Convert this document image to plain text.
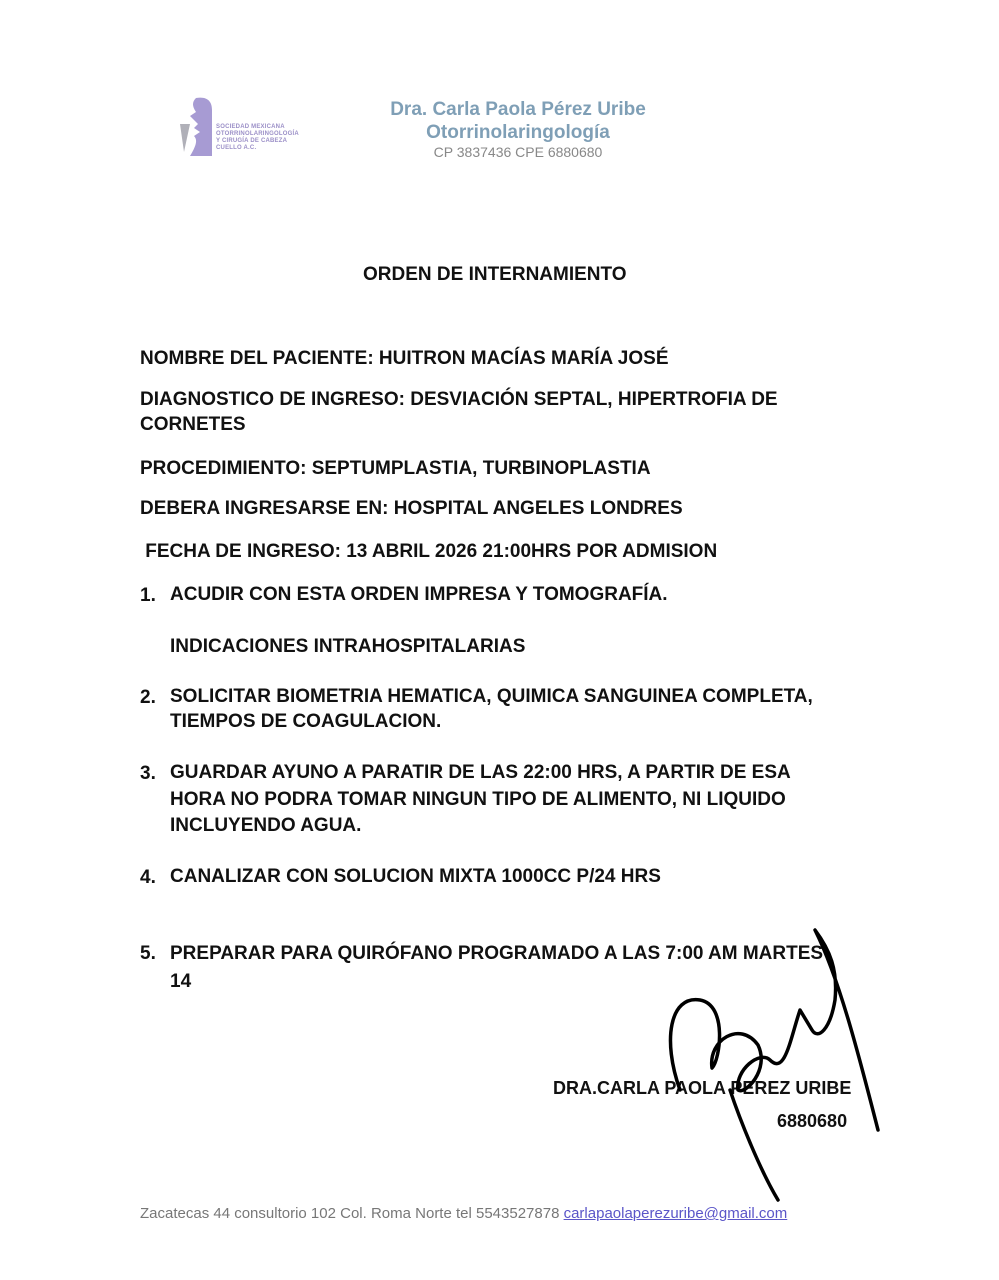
SOCIEDAD MEXICANA
OTORRINOLARINGOLOGÍA
Y CIRUGÍA DE CABEZA
CUELLO A.C.
Dra. Carla Paola Pérez Uribe
Otorrinolaringología
CP 3837436 CPE 6880680
ORDEN DE INTERNAMIENTO
NOMBRE DEL PACIENTE: HUITRON MACÍAS MARÍA JOSÉ
DIAGNOSTICO DE INGRESO: DESVIACIÓN SEPTAL, HIPERTROFIA DE
CORNETES
PROCEDIMIENTO: SEPTUMPLASTIA, TURBINOPLASTIA
DEBERA INGRESARSE EN: HOSPITAL ANGELES LONDRES
FECHA DE INGRESO: 13 ABRIL 2026 21:00HRS POR ADMISION
1. ACUDIR CON ESTA ORDEN IMPRESA Y TOMOGRAFÍA.
INDICACIONES INTRAHOSPITALARIAS
2. SOLICITAR BIOMETRIA HEMATICA, QUIMICA SANGUINEA COMPLETA,
TIEMPOS DE COAGULACION.
3. GUARDAR AYUNO A PARATIR DE LAS 22:00 HRS, A PARTIR DE ESA
HORA NO PODRA TOMAR NINGUN TIPO DE ALIMENTO, NI LIQUIDO
INCLUYENDO AGUA.
4. CANALIZAR CON SOLUCION MIXTA 1000CC P/24 HRS
5. PREPARAR PARA QUIRÓFANO PROGRAMADO A LAS 7:00 AM MARTES
14
DRA.CARLA PAOLA PEREZ URIBE
6880680
Zacatecas 44 consultorio 102 Col. Roma Norte tel 5543527878 carlapaolaperezuribe@gmail.com
